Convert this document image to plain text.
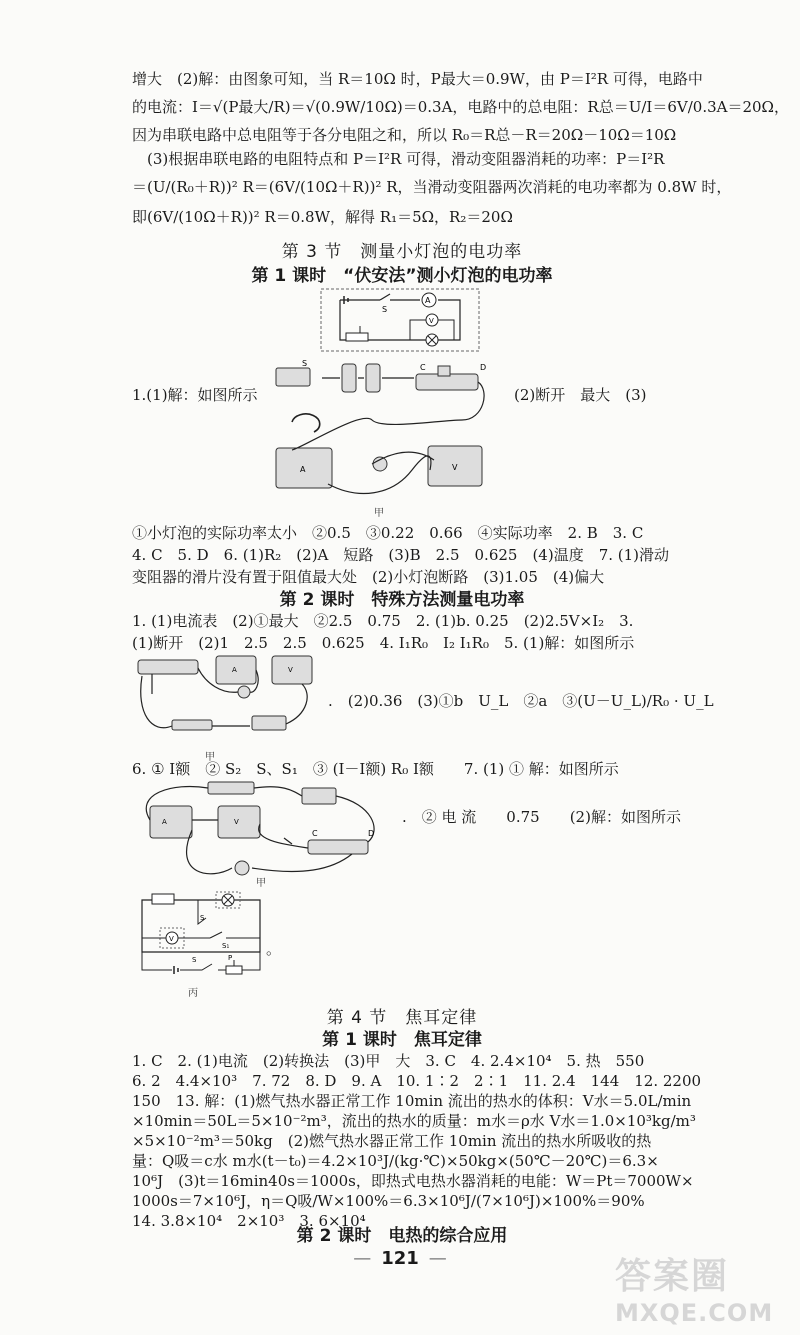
增大　(2)解：由图象可知，当 R＝10Ω 时，P最大＝0.9W，由 P＝I²R 可得，电路中
的电流：I＝√(P最大/R)＝√(0.9W/10Ω)＝0.3A，电路中的总电阻：R总＝U/I＝6V/0.3A＝20Ω，
因为串联电路中总电阻等于各分电阻之和，所以 R₀＝R总－R＝20Ω－10Ω＝10Ω
　(3)根据串联电路的电阻特点和 P＝I²R 可得，滑动变阻器消耗的功率：P＝I²R
＝(U/(R₀＋R))² R＝(6V/(10Ω＋R))² R，当滑动变阻器两次消耗的电功率都为 0.8W 时，
即(6V/(10Ω＋R))² R＝0.8W，解得 R₁＝5Ω，R₂＝20Ω
第 3 节　测量小灯泡的电功率
第 1 课时　“伏安法”测小灯泡的电功率
S
A
V
1.(1)解：如图所示
C	D
S
A	V
甲
(2)断开　最大　(3)
①小灯泡的实际功率太小　②0.5　③0.22　0.66　④实际功率　2. B　3. C
4. C　5. D　6. (1)R₂　(2)A　短路　(3)B　2.5　0.625　(4)温度　7. (1)滑动
变阻器的滑片没有置于阻值最大处　(2)小灯泡断路　(3)1.05　(4)偏大
第 2 课时　特殊方法测量电功率
1. (1)电流表　(2)①最大　②2.5　0.75　2. (1)b. 0.25　(2)2.5V×I₂　3.
(1)断开　(2)1　2.5　2.5　0.625　4. I₁R₀　I₂ I₁R₀　5. (1)解：如图所示
A	V
甲
.　(2)0.36　(3)①b　U_L　②a　③(U－U_L)/R₀ · U_L
6. ① I额　② S₂　S、S₁　③ (I－I额) R₀ I额　　7. (1) ① 解：如图所示
A	V
C	D
甲
.　② 电 流　　0.75　　(2)解：如图所示
V
S
S₁
S	P 。
丙
第 4 节　焦耳定律
第 1 课时　焦耳定律
1. C　2. (1)电流　(2)转换法　(3)甲　大　3. C　4. 2.4×10⁴　5. 热　550
6. 2　4.4×10³　7. 72　8. D　9. A　10. 1∶2　2∶1　11. 2.4　144　12. 2200
150　13. 解：(1)燃气热水器正常工作 10min 流出的热水的体积：V水＝5.0L/min
×10min＝50L＝5×10⁻²m³，流出的热水的质量：m水＝ρ水 V水＝1.0×10³kg/m³
×5×10⁻²m³＝50kg　(2)燃气热水器正常工作 10min 流出的热水所吸收的热
量：Q吸＝c水 m水(t－t₀)＝4.2×10³J/(kg·℃)×50kg×(50℃－20℃)＝6.3×
10⁶J　(3)t＝16min40s＝1000s，即热式电热水器消耗的电能：W＝Pt＝7000W×
1000s＝7×10⁶J，η＝Q吸/W×100%＝6.3×10⁶J/(7×10⁶J)×100%＝90%
14. 3.8×10⁴　2×10³　3. 6×10⁴
第 2 课时　电热的综合应用
— 121 —	答案圈
MXQE.COM
